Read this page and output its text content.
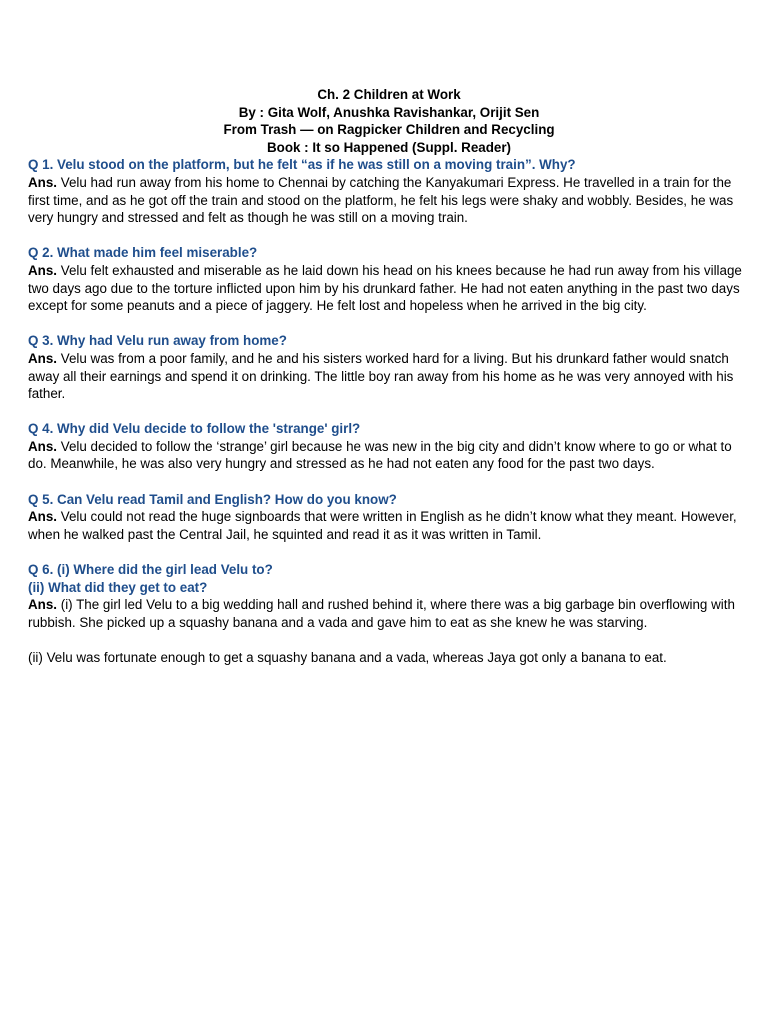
Ch. 2 Children at Work
By : Gita Wolf, Anushka Ravishankar, Orijit Sen
From Trash — on Ragpicker Children and Recycling
Book : It so Happened (Suppl. Reader)
Q 1. Velu stood on the platform, but he felt “as if he was still on a moving train”. Why?

Ans. Velu had run away from his home to Chennai by catching the Kanyakumari Express. He travelled in a train for the first time, and as he got off the train and stood on the platform, he felt his legs were shaky and wobbly. Besides, he was very hungry and stressed and felt as though he was still on a moving train.

Q 2. What made him feel miserable?

Ans. Velu felt exhausted and miserable as he laid down his head on his knees because he had run away from his village two days ago due to the torture inflicted upon him by his drunkard father. He had not eaten anything in the past two days except for some peanuts and a piece of jaggery. He felt lost and hopeless when he arrived in the big city.

Q 3. Why had Velu run away from home?

Ans. Velu was from a poor family, and he and his sisters worked hard for a living. But his drunkard father would snatch away all their earnings and spend it on drinking. The little boy ran away from his home as he was very annoyed with his father.

Q 4. Why did Velu decide to follow the 'strange' girl?

Ans. Velu decided to follow the ‘strange’ girl because he was new in the big city and didn’t know where to go or what to do. Meanwhile, he was also very hungry and stressed as he had not eaten any food for the past two days.

Q 5. Can Velu read Tamil and English? How do you know?

Ans. Velu could not read the huge signboards that were written in English as he didn’t know what they meant. However, when he walked past the Central Jail, he squinted and read it as it was written in Tamil.

Q 6. (i) Where did the girl lead Velu to?
(ii) What did they get to eat?

Ans. (i) The girl led Velu to a big wedding hall and rushed behind it, where there was a big garbage bin overflowing with rubbish. She picked up a squashy banana and a vada and gave him to eat as she knew he was starving.

(ii) Velu was fortunate enough to get a squashy banana and a vada, whereas Jaya got only a banana to eat.
